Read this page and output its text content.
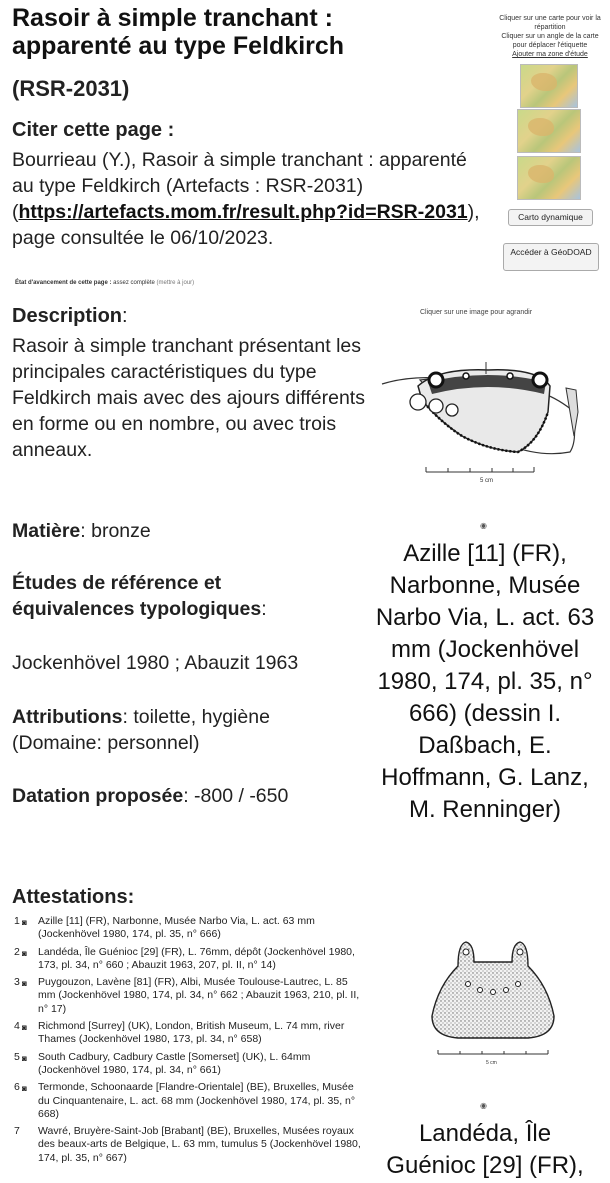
Rasoir à simple tranchant : apparenté au type Feldkirch
(RSR-2031)
Citer cette page :
Bourrieau (Y.), Rasoir à simple tranchant : apparenté au type Feldkirch (Artefacts : RSR-2031) (https://artefacts.mom.fr/result.php?id=RSR-2031), page consultée le 06/10/2023.
État d'avancement de cette page : assez complète (mettre à jour)
Cliquer sur une carte pour voir la répartition
Cliquer sur un angle de la carte pour déplacer l'étiquette
Ajouter ma zone d'étude
Carto dynamique
Accéder à GéoDOAD
Cliquer sur une image pour agrandir
Description:
Rasoir à simple tranchant présentant les principales caractéristiques du type Feldkirch mais avec des ajours différents en forme ou en nombre, ou avec trois anneaux.
Matière: bronze
Études de référence et équivalences typologiques:
Jockenhövel 1980 ; Abauzit 1963
Attributions: toilette, hygiène (Domaine: personnel)
Datation proposée: -800 / -650
5 cm
◉
Azille [11] (FR), Narbonne, Musée Narbo Via, L. act. 63 mm (Jockenhövel 1980, 174, pl. 35, n° 666) (dessin I. Daßbach, E. Hoffmann, G. Lanz, M. Renninger)
5 cm
◉
Landéda, Île Guénioc [29] (FR),
Attestations:
1 ◙ Azille [11] (FR), Narbonne, Musée Narbo Via, L. act. 63 mm (Jockenhövel 1980, 174, pl. 35, n° 666)
2 ◙ Landéda, Île Guénioc [29] (FR), L. 76mm, dépôt (Jockenhövel 1980, 173, pl. 34, n° 660 ; Abauzit 1963, 207, pl. II, n° 14)
3 ◙ Puygouzon, Lavène [81] (FR), Albi, Musée Toulouse-Lautrec, L. 85 mm (Jockenhövel 1980, 174, pl. 34, n° 662 ; Abauzit 1963, 210, pl. II, n° 17)
4 ◙ Richmond [Surrey] (UK), London, British Museum, L. 74 mm, river Thames (Jockenhövel 1980, 173, pl. 34, n° 658)
5 ◙ South Cadbury, Cadbury Castle [Somerset] (UK), L. 64mm (Jockenhövel 1980, 174, pl. 34, n° 661)
6 ◙ Termonde, Schoonaarde [Flandre-Orientale] (BE), Bruxelles, Musée du Cinquantenaire, L. act. 68 mm (Jockenhövel 1980, 174, pl. 35, n° 668)
7 Wavré, Bruyère-Saint-Job [Brabant] (BE), Bruxelles, Musées royaux des beaux-arts de Belgique, L. 63 mm, tumulus 5 (Jockenhövel 1980, 174, pl. 35, n° 667)
